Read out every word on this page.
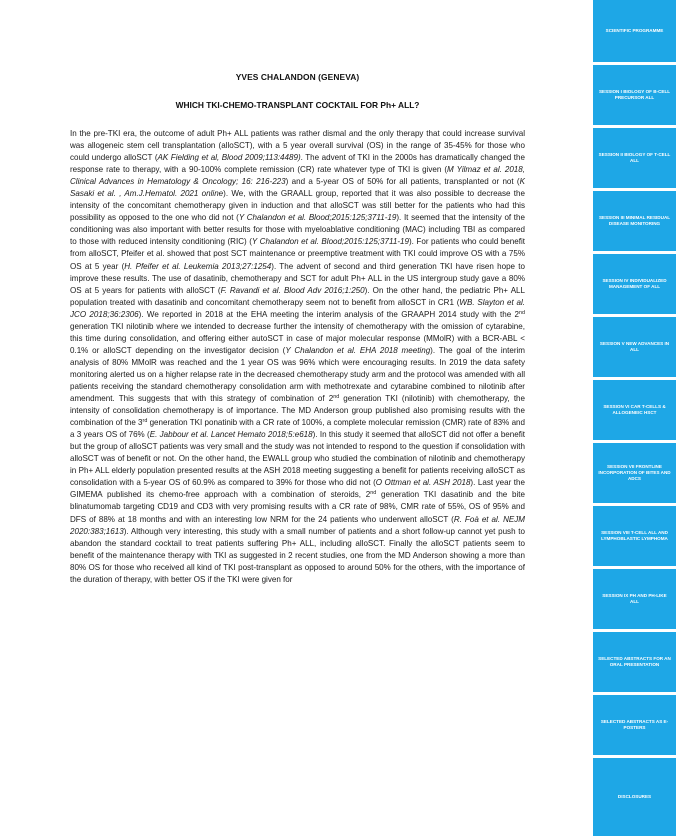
YVES CHALANDON (GENEVA)
WHICH TKI-CHEMO-TRANSPLANT COCKTAIL FOR Ph+ ALL?

In the pre-TKI era, the outcome of adult Ph+ ALL patients was rather dismal and the only therapy that could increase survival was allogeneic stem cell transplantation (alloSCT), with a 5 year overall survival (OS) in the range of 35-45% for those who could undergo alloSCT (AK Fielding et al, Blood 2009;113:4489). The advent of TKI in the 2000s has dramatically changed the response rate to therapy, with a 90-100% complete remission (CR) rate whatever type of TKI is given (M Yilmaz et al. 2018, Clinical Advances in Hematology & Oncology; 16: 216-223) and a 5-year OS of 50% for all patients, transplanted or not (K Sasaki et al. , Am.J.Hematol. 2021 online). We, with the GRAALL group, reported that it was also possible to decrease the intensity of the concomitant chemotherapy given in induction and that alloSCT was still better for the patients who had this possibility as opposed to the one who did not (Y Chalandon et al. Blood;2015:125;3711-19). It seemed that the intensity of the conditioning was also important with better results for those with myeloablative conditioning (MAC) including TBI as compared to those with reduced intensity conditioning (RIC) (Y Chalandon et al. Blood;2015:125;3711-19). For patients who could benefit from alloSCT, Pfeifer et al. showed that post SCT maintenance or preemptive treatment with TKI could improve OS with a 75% OS at 5 year (H. Pfeifer et al. Leukemia 2013;27:1254). The advent of second and third generation TKI have risen hope to improve these results. The use of dasatinib, chemotherapy and SCT for adult Ph+ ALL in the US intergroup study gave a 80% OS at 5 years for patients with alloSCT (F. Ravandi et al. Blood Adv 2016;1:250). On the other hand, the pediatric Ph+ ALL population treated with dasatinib and concomitant chemotherapy seem not to benefit from alloSCT in CR1 (WB. Slayton et al. JCO 2018;36:2306). We reported in 2018 at the EHA meeting the interim analysis of the GRAAPH 2014 study with the 2nd generation TKI nilotinib where we intended to decrease further the intensity of chemotherapy with the omission of cytarabine, this time during consolidation, and offering either autoSCT in case of major molecular response (MMolR) with a BCR-ABL < 0.1% or alloSCT depending on the investigator decision (Y Chalandon et al. EHA 2018 meeting). The goal of the interim analysis of 80% MMolR was reached and the 1 year OS was 96% which were encouraging results. In 2019 the data safety monitoring alerted us on a higher relapse rate in the decreased chemotherapy study arm and the protocol was amended with all patients receiving the standard chemotherapy consolidation arm with methotrexate and cytarabine combined to nilotinib after amendment. This suggests that with this strategy of combination of 2nd generation TKI (nilotinib) with chemotherapy, the intensity of consolidation chemotherapy is of importance. The MD Anderson group published also promising results with the combination of the 3rd generation TKI ponatinib with a CR rate of 100%, a complete molecular remission (CMR) rate of 83% and a 3 years OS of 76% (E. Jabbour et al. Lancet Hemato 2018;5:e618). In this study it seemed that alloSCT did not offer a benefit but the group of alloSCT patients was very small and the study was not intended to respond to the question if consolidation with alloSCT was of benefit or not. On the other hand, the EWALL group who studied the combination of nilotinib and chemotherapy in Ph+ ALL elderly population presented results at the ASH 2018 meeting suggesting a benefit for patients receiving alloSCT as consolidation with a 5-year OS of 60.9% as compared to 39% for those who did not (O Ottman et al. ASH 2018). Last year the GIMEMA published its chemo-free approach with a combination of steroids, 2nd generation TKI dasatinib and the bite blinatumomab targeting CD19 and CD3 with very promising results with a CR rate of 98%, CMR rate of 55%, OS of 95% and DFS of 88% at 18 months and with an interesting low NRM for the 24 patients who underwent alloSCT (R. Foà et al. NEJM 2020:383;1613). Although very interesting, this study with a small number of patients and a short follow-up cannot yet push to abandon the standard cocktail to treat patients suffering Ph+ ALL, including alloSCT. Finally the alloSCT patients seem to benefit of the maintenance therapy with TKI as suggested in 2 recent studies, one from the MD Anderson showing a more than 80% OS for those who received all kind of TKI post-transplant as opposed to around 50% for the others, with the importance of the duration of therapy, with better OS if the TKI were given for

SCIENTIFIC PROGRAMME
SESSION I BIOLOGY OF B-CELL PRECURSOR ALL
SESSION II BIOLOGY OF T-CELL ALL
SESSION III MINIMAL RESIDUAL DISEASE MONITORING
SESSION IV INDIVIDUALIZED MANAGEMENT OF ALL
SESSION V NEW ADVANCES IN ALL
SESSION VI CAR T-CELLS & ALLOGENEIC HSCT
SESSION VII FRONTLINE INCORPORATION OF BITES AND ADCS
SESSION VIII T-CELL ALL AND LYMPHOBLASTIC LYMPHOMA
SESSION IX PH AND PH-LIKE ALL
SELECTED ABSTRACTS FOR AN ORAL PRESENTATION
SELECTED ABSTRACTS AS E-POSTERS
DISCLOSURES
